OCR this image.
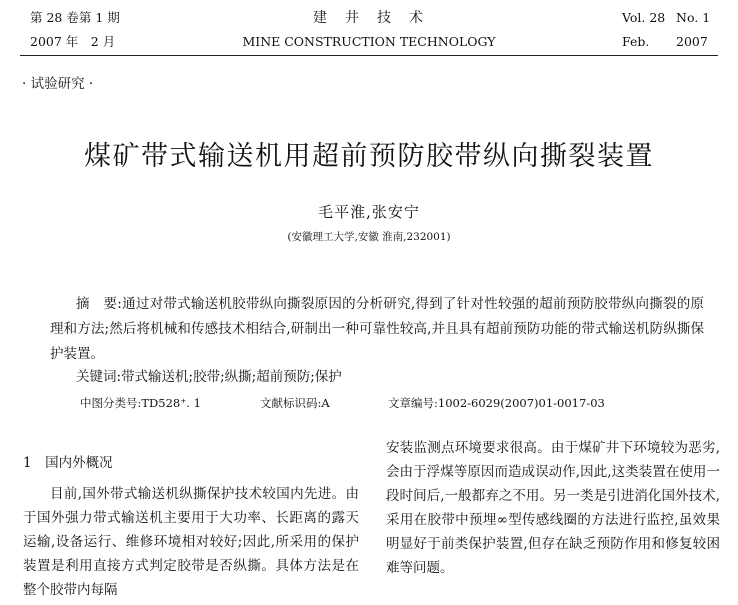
第 28 卷第 1 期
2007 年　2 月
建　井　技　术
MINE CONSTRUCTION TECHNOLOGY
Vol. 28 No. 1
Feb. 2007
· 试验研究 ·
煤矿带式输送机用超前预防胶带纵向撕裂装置
毛平淮,张安宁
(安徽理工大学,安徽 淮南,232001)
摘　要:通过对带式输送机胶带纵向撕裂原因的分析研究,得到了针对性较强的超前预防胶带纵向撕裂的原理和方法;然后将机械和传感技术相结合,研制出一种可靠性较高,并且具有超前预防功能的带式输送机防纵撕保护装置。
关键词:带式输送机;胶带;纵撕;超前预防;保护
中图分类号:TD528⁺. 1	文献标识码:A	文章编号:1002-6029(2007)01-0017-03
1　国内外概况
目前,国外带式输送机纵撕保护技术较国内先进。由于国外强力带式输送机主要用于大功率、长距离的露天运输,设备运行、维修环境相对较好;因此,所采用的保护装置是利用直接方式判定胶带是否纵撕。具体方法是在整个胶带内每隔
安装监测点环境要求很高。由于煤矿井下环境较为恶劣,会由于浮煤等原因而造成误动作,因此,这类装置在使用一段时间后,一般都弃之不用。另一类是引进消化国外技术,采用在胶带中预埋∞型传感线圈的方法进行监控,虽效果明显好于前类保护装置,但存在缺乏预防作用和修复较困难等问题。
